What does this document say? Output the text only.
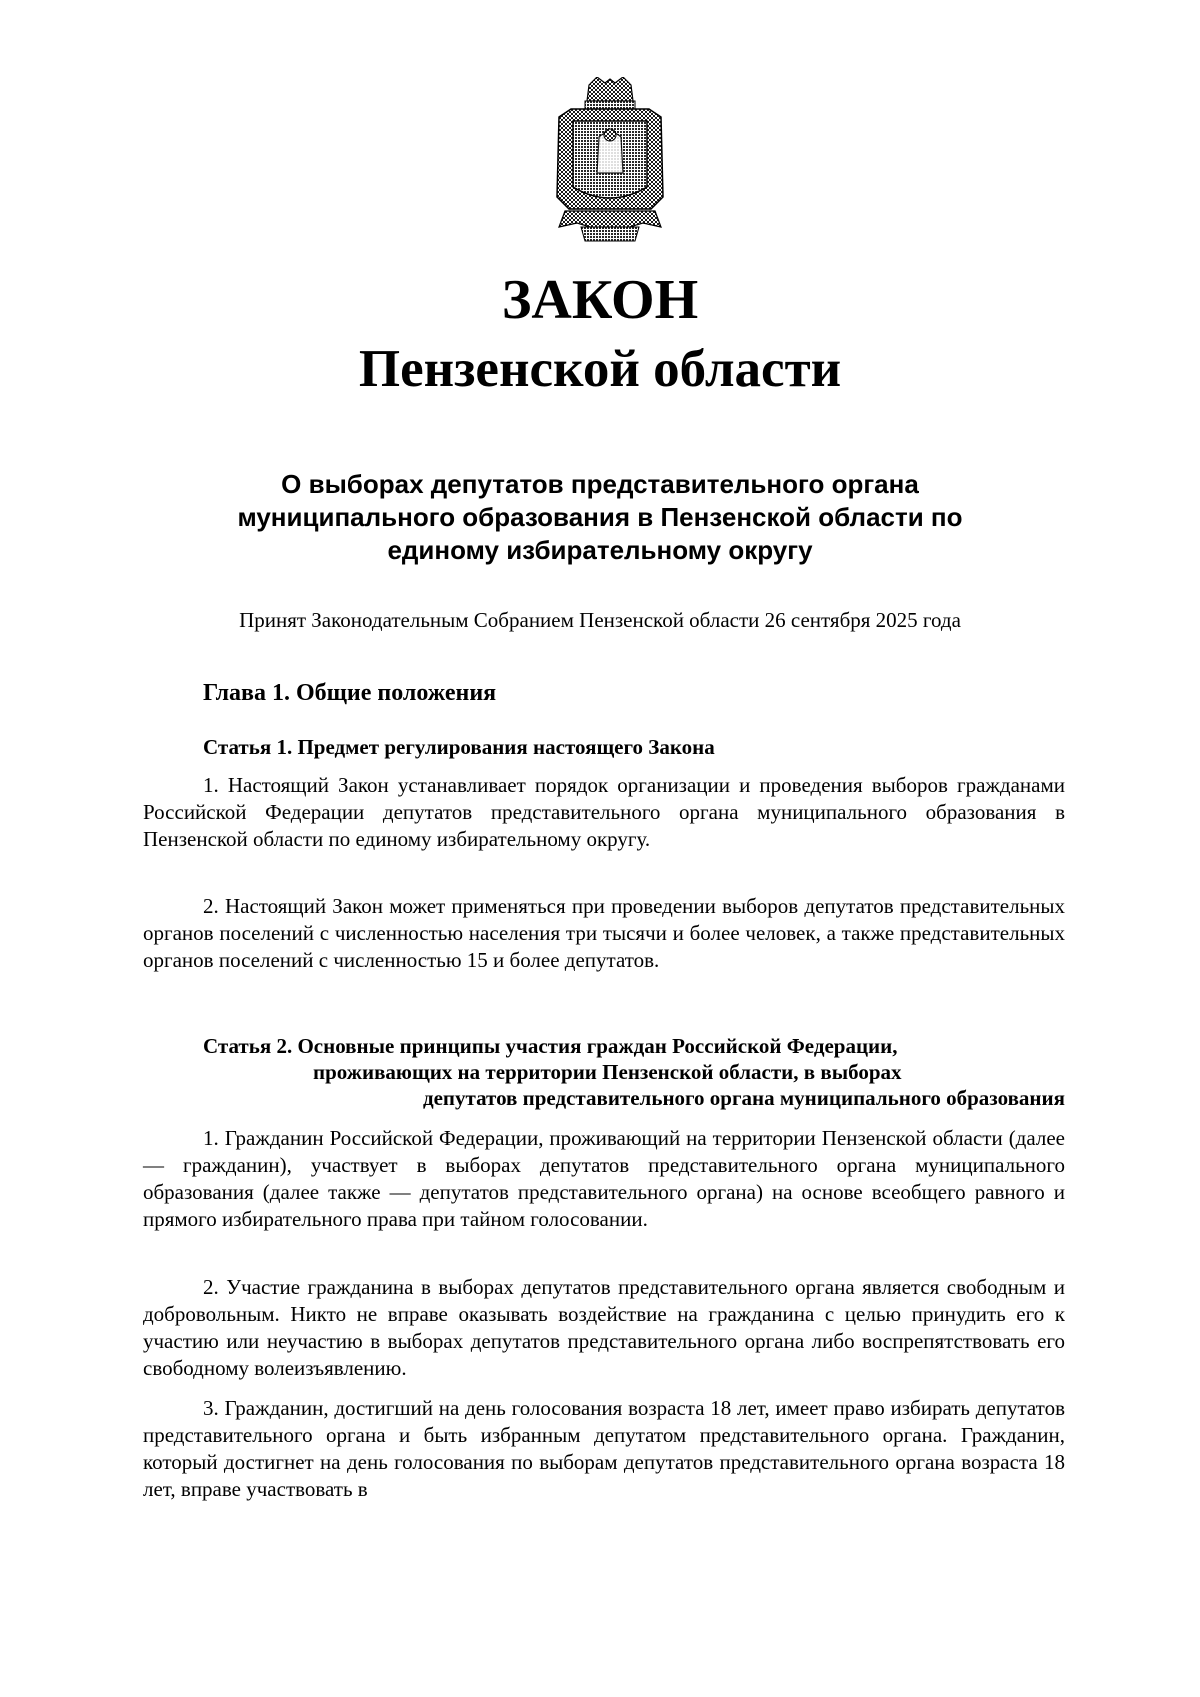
ЗАКОН
Пензенской области
О выборах депутатов представительного органа
муниципального образования в Пензенской области по
единому избирательному округу
Принят Законодательным Собранием Пензенской области 26 сентября 2025 года
Глава 1. Общие положения
Статья 1. Предмет регулирования настоящего Закона

1. Настоящий Закон устанавливает порядок организации и проведения выборов гражданами Российской Федерации депутатов представительного органа муниципального образования в Пензенской области по единому избирательному округу.

2. Настоящий Закон может применяться при проведении выборов депутатов представительных органов поселений с численностью населения три тысячи и более человек, а также представительных органов поселений с численностью 15 и более депутатов.

Статья 2. Основные принципы участия граждан Российской Федерации,
проживающих на территории Пензенской области, в выборах
депутатов представительного органа муниципального образования

1. Гражданин Российской Федерации, проживающий на территории Пензенской области (далее — гражданин), участвует в выборах депутатов представительного органа муниципального образования (далее также — депутатов представительного органа) на основе всеобщего равного и прямого избирательного права при тайном голосовании.

2. Участие гражданина в выборах депутатов представительного органа является свободным и добровольным. Никто не вправе оказывать воздействие на гражданина с целью принудить его к участию или неучастию в выборах депутатов представительного органа либо воспрепятствовать его свободному волеизъявлению.

3. Гражданин, достигший на день голосования возраста 18 лет, имеет право избирать депутатов представительного органа и быть избранным депутатом представительного органа. Гражданин, который достигнет на день голосования по выборам депутатов представительного органа возраста 18 лет, вправе участвовать в
